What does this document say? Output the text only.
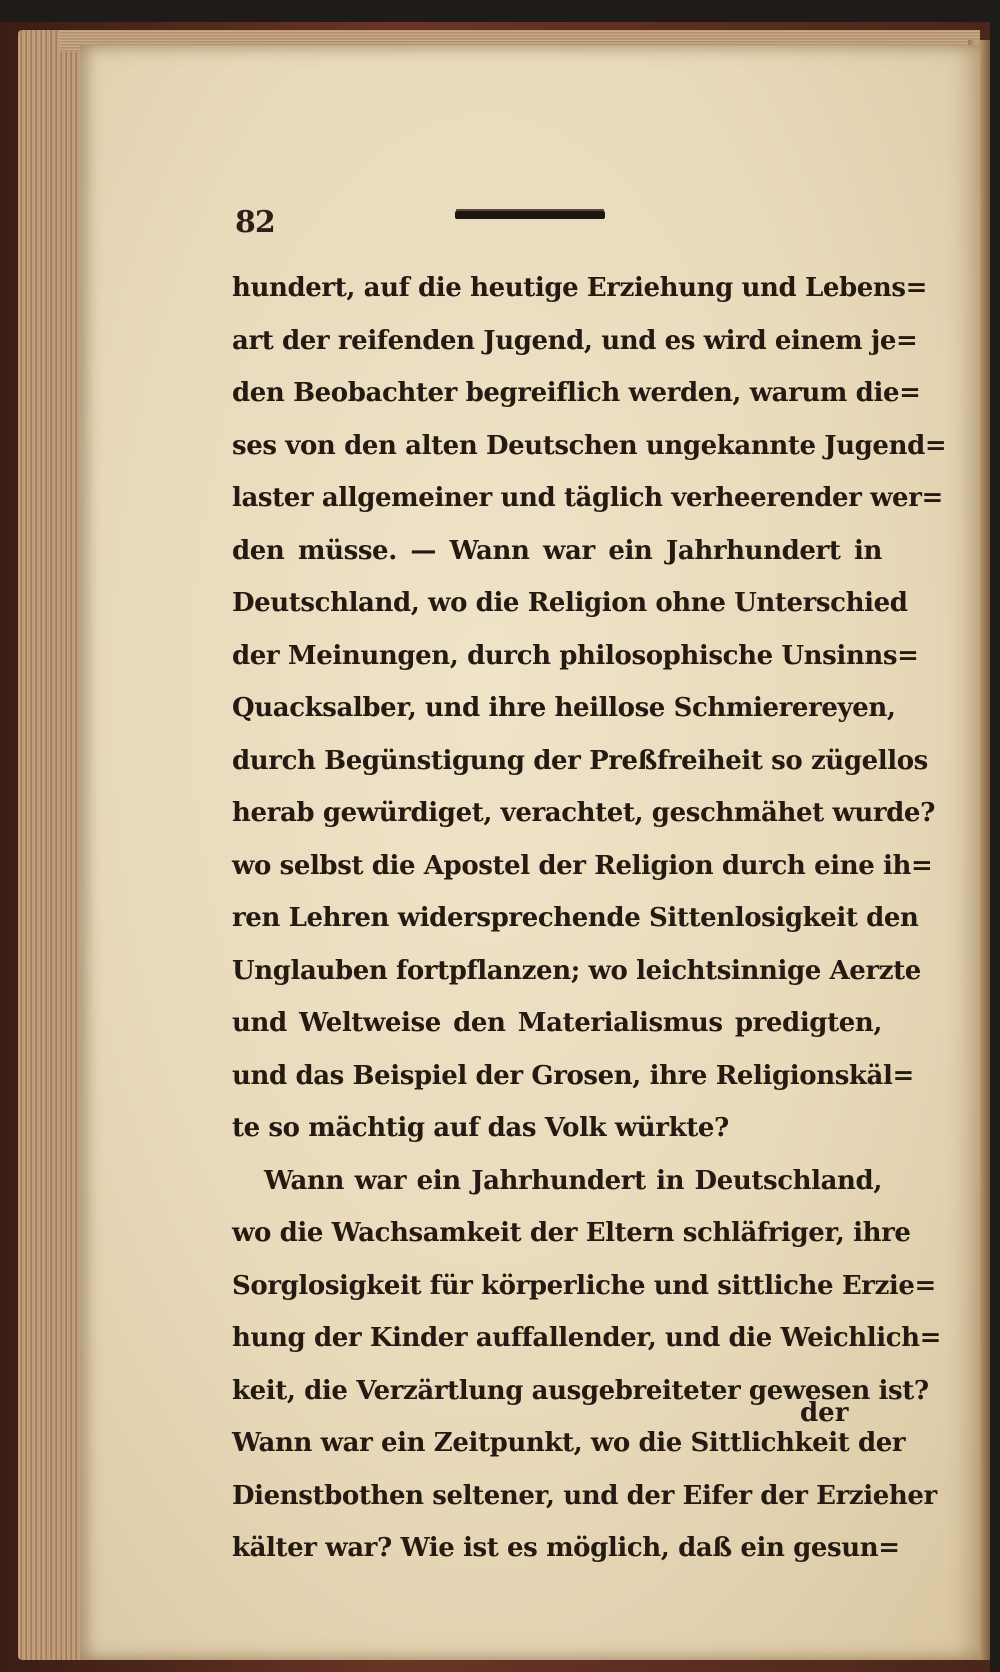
82
hundert, auf die heutige Erziehung und Lebens=
art der reifenden Jugend, und es wird einem je=
den Beobachter begreiflich werden, warum die=
ses von den alten Deutschen ungekannte Jugend=
laster allgemeiner und täglich verheerender wer=
den müsse. — Wann war ein Jahrhundert in
Deutschland, wo die Religion ohne Unterschied
der Meinungen, durch philosophische Unsinns=
Quacksalber, und ihre heillose Schmierereyen,
durch Begünstigung der Preßfreiheit so zügellos
herab gewürdiget, verachtet, geschmähet wurde?
wo selbst die Apostel der Religion durch eine ih=
ren Lehren widersprechende Sittenlosigkeit den
Unglauben fortpflanzen; wo leichtsinnige Aerzte
und Weltweise den Materialismus predigten,
und das Beispiel der Grosen, ihre Religionskäl=
te so mächtig auf das Volk würkte?
Wann war ein Jahrhundert in Deutschland,
wo die Wachsamkeit der Eltern schläfriger, ihre
Sorglosigkeit für körperliche und sittliche Erzie=
hung der Kinder auffallender, und die Weichlich=
keit, die Verzärtlung ausgebreiteter gewesen ist?
Wann war ein Zeitpunkt, wo die Sittlichkeit der
Dienstbothen seltener, und der Eifer der Erzieher
kälter war? Wie ist es möglich, daß ein gesun=
der
